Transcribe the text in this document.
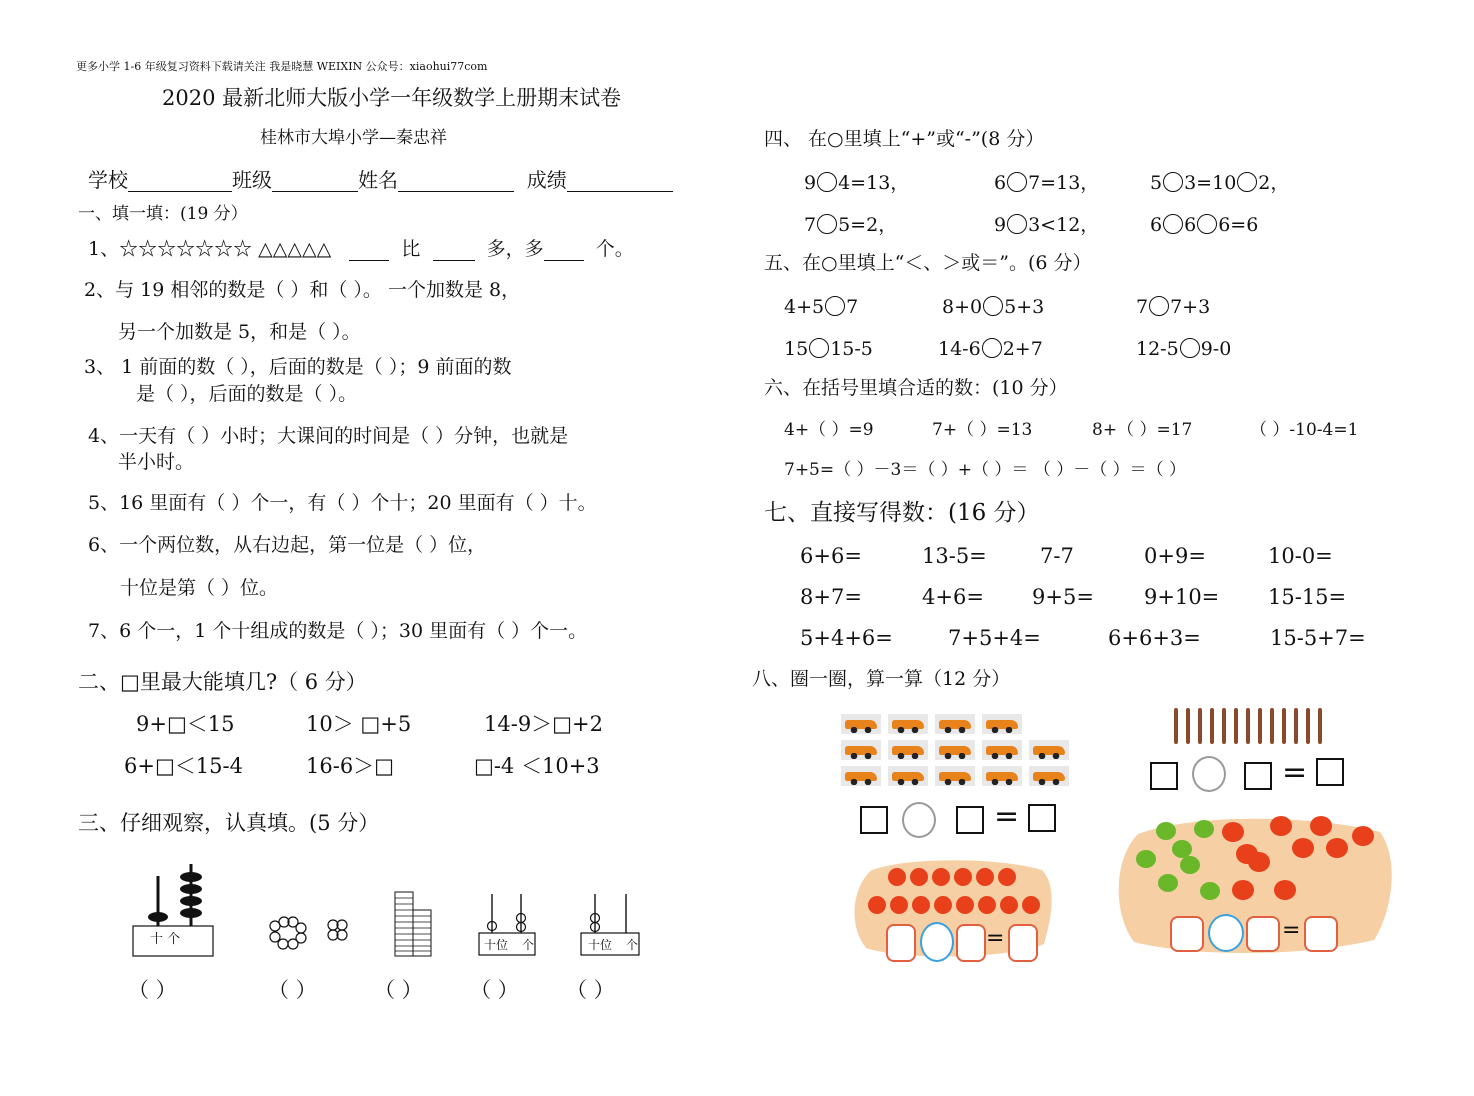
更多小学 1-6 年级复习资料下载请关注 我是晓慧 WEIXIN 公众号：xiaohui77com
2020 最新北师大版小学一年级数学上册期末试卷
桂林市大埠小学—秦忠祥
学校	班级	姓名	成绩
一、填一填：(19 分）
1、☆☆☆☆☆☆☆ △△△△△	比	多，多	个。
2、与 19 相邻的数是（ ）和（ ）。 一个加数是 8，
另一个加数是 5，和是（ ）。
3、 1 前面的数（ ），后面的数是（ ）；9 前面的数
是（ ），后面的数是（ ）。
4、一天有（ ）小时；大课间的时间是（ ）分钟，也就是
半小时。
5、16 里面有（ ）个一，有（ ）个十；20 里面有（ ）十。
6、一个两位数，从右边起，第一位是（ ）位，
十位是第（ ）位。
7、6 个一，1 个十组成的数是（ ）；30 里面有（ ）个一。
二、□里最大能填几?（ 6 分）
9+□＜15	10＞ □+5	14-9＞□+2
6+□＜15-4	16-6＞□	□-4 ＜10+3
三、仔细观察，认真填。(5 分）
十 个	十位 个	十位 个
（ ）	（ ）	（ ） （ ） （ ）
四、 在○里填上“+”或“-”(8 分）
9 4=13，	6 7=13，	5 3=10 2，
7 5=2，	9 3<12，	6 6 6=6
五、在○里填上“＜、＞或＝”。(6 分）
4+5 7	8+0 5+3	7 7+3
15 15-5	14-6 2+7	12-5 9-0
六、在括号里填合适的数：(10 分）
4+（ ）=9	7+（ ）=13	8+（ ）=17	（ ）-10-4=1
7+5=（ ）－3＝（ ）+（ ）＝ （ ）－（ ）＝（ ）
七、直接写得数：(16 分）
6+6=	13-5=	7-7	0+9=	10-0=
8+7=	4+6= 9+5= 9+10= 15-15=
5+4+6=	7+5+4=	6+6+3=	15-5+7=
八、圈一圈，算一算（12 分）
=
=
=	=
